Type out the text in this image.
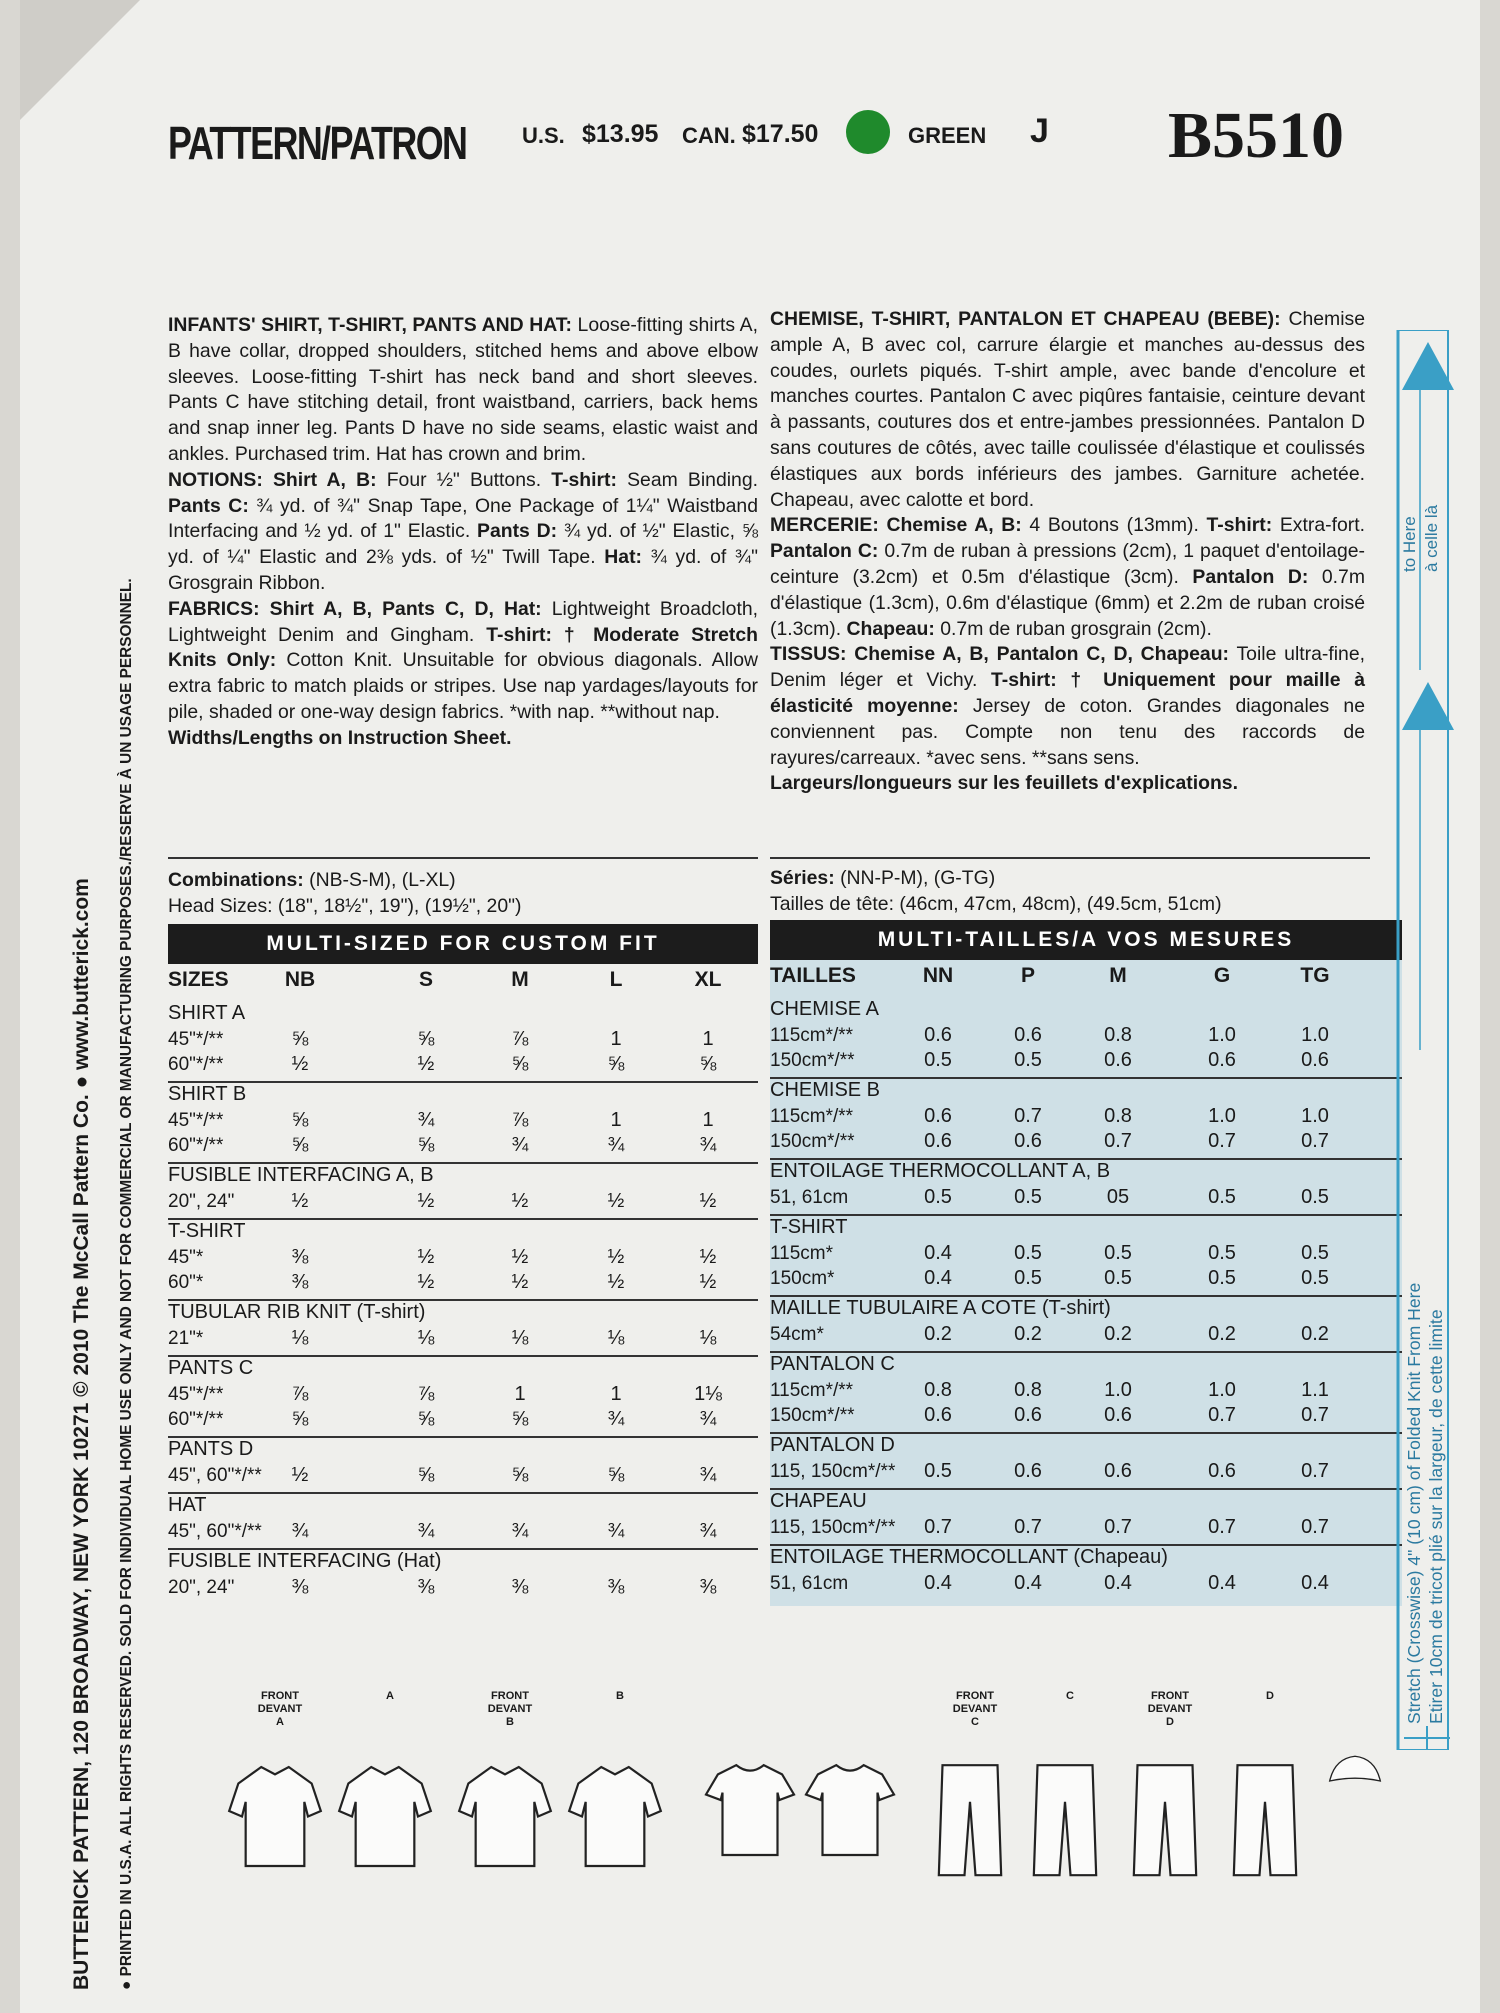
PATTERN/PATRON	U.S. $13.95 CAN. $17.50	GREEN J B5510
BUTTERICK PATTERN, 120 BROADWAY, NEW YORK 10271 © 2010 The McCall Pattern Co. ● www.butterick.com ● PRINTED IN U.S.A. ALL RIGHTS RESERVED. SOLD FOR INDIVIDUAL HOME USE ONLY AND NOT FOR COMMERCIAL OR MANUFACTURING PURPOSES./RESERVE À UN USAGE PERSONNEL.

INFANTS' SHIRT, T-SHIRT, PANTS AND HAT: Loose-fitting shirts A, B have collar, dropped shoulders, stitched hems and above elbow sleeves. Loose-fitting T-shirt has neck band and short sleeves. Pants C have stitching detail, front waistband, carriers, back hems and snap inner leg. Pants D have no side seams, elastic waist and ankles. Purchased trim. Hat has crown and brim.

NOTIONS: Shirt A, B: Four ½" Buttons. T-shirt: Seam Binding. Pants C: ¾ yd. of ¾" Snap Tape, One Package of 1¼" Waistband Interfacing and ½ yd. of 1" Elastic. Pants D: ¾ yd. of ½" Elastic, ⅝ yd. of ¼" Elastic and 2⅜ yds. of ½" Twill Tape. Hat: ¾ yd. of ¾" Grosgrain Ribbon.

FABRICS: Shirt A, B, Pants C, D, Hat: Lightweight Broadcloth, Lightweight Denim and Gingham. T-shirt: † Moderate Stretch Knits Only: Cotton Knit. Unsuitable for obvious diagonals. Allow extra fabric to match plaids or stripes. Use nap yardages/layouts for pile, shaded or one-way design fabrics. *with nap. **without nap.

Widths/Lengths on Instruction Sheet.

CHEMISE, T-SHIRT, PANTALON ET CHAPEAU (BEBE): Chemise ample A, B avec col, carrure élargie et manches au-dessus des coudes, ourlets piqués. T-shirt ample, avec bande d'encolure et manches courtes. Pantalon C avec piqûres fantaisie, ceinture devant à passants, coutures dos et entre-jambes pressionnées. Pantalon D sans coutures de côtés, avec taille coulissée d'élastique et coulissés élastiques aux bords inférieurs des jambes. Garniture achetée. Chapeau, avec calotte et bord.

MERCERIE: Chemise A, B: 4 Boutons (13mm). T-shirt: Extra-fort. Pantalon C: 0.7m de ruban à pressions (2cm), 1 paquet d'entoilage-ceinture (3.2cm) et 0.5m d'élastique (3cm). Pantalon D: 0.7m d'élastique (1.3cm), 0.6m d'élastique (6mm) et 2.2m de ruban croisé (1.3cm). Chapeau: 0.7m de ruban grosgrain (2cm).

TISSUS: Chemise A, B, Pantalon C, D, Chapeau: Toile ultra-fine, Denim léger et Vichy. T-shirt: † Uniquement pour maille à élasticité moyenne: Jersey de coton. Grandes diagonales ne conviennent pas. Compte non tenu des raccords de rayures/carreaux. *avec sens. **sans sens.

Largeurs/longueurs sur les feuillets d'explications.

Combinations: (NB-S-M), (L-XL)
Head Sizes: (18", 18½", 19"), (19½", 20")
Séries: (NN-P-M), (G-TG)
Tailles de tête: (46cm, 47cm, 48cm), (49.5cm, 51cm)
MULTI-SIZED FOR CUSTOM FIT	MULTI-TAILLES/A VOS MESURES
SIZES	NB	S	M	L	XL
SHIRT A
45"*/**	⅝	⅝	⅞	1	1
60"*/**	½	½	⅝	⅝	⅝
SHIRT B
45"*/**	⅝	¾	⅞	1	1
60"*/**	⅝	⅝	¾	¾	¾
FUSIBLE INTERFACING A, B
20", 24"	½	½	½	½	½
T-SHIRT
45"*	⅜	½	½	½	½
60"*	⅜	½	½	½	½
TUBULAR RIB KNIT (T-shirt)
21"*	⅛	⅛	⅛	⅛	⅛
PANTS C
45"*/**	⅞	⅞	1	1	1⅛
60"*/**	⅝	⅝	⅝	¾	¾
PANTS D
45", 60"*/**	½	⅝	⅝	⅝	¾
HAT
45", 60"*/**	¾	¾	¾	¾	¾
FUSIBLE INTERFACING (Hat)
20", 24"	⅜	⅜	⅜	⅜	⅜
TAILLES	NN	P	M	G	TG
CHEMISE A
115cm*/**	0.6	0.6	0.8	1.0	1.0
150cm*/**	0.5	0.5	0.6	0.6	0.6
CHEMISE B
115cm*/**	0.6	0.7	0.8	1.0	1.0
150cm*/**	0.6	0.6	0.7	0.7	0.7
ENTOILAGE THERMOCOLLANT A, B
51, 61cm	0.5	0.5	05	0.5	0.5
T-SHIRT
115cm*	0.4	0.5	0.5	0.5	0.5
150cm*	0.4	0.5	0.5	0.5	0.5
MAILLE TUBULAIRE A COTE (T-shirt)
54cm*	0.2	0.2	0.2	0.2	0.2
PANTALON C
115cm*/**	0.8	0.8	1.0	1.0	1.1
150cm*/**	0.6	0.6	0.6	0.7	0.7
PANTALON D
115, 150cm*/**	0.5	0.6	0.6	0.6	0.7
CHAPEAU
115, 150cm*/**	0.7	0.7	0.7	0.7	0.7
ENTOILAGE THERMOCOLLANT (Chapeau)
51, 61cm	0.4	0.4	0.4	0.4	0.4
to Here à celle là
Stretch (Crosswise) 4" (10 cm) of Folded Knit From Here Etirer 10cm de tricot plié sur la largeur, de cette limite
FRONT
DEVANT
A
A	FRONT
DEVANT
B
B	FRONT
DEVANT
C
C	FRONT
DEVANT
D
D
